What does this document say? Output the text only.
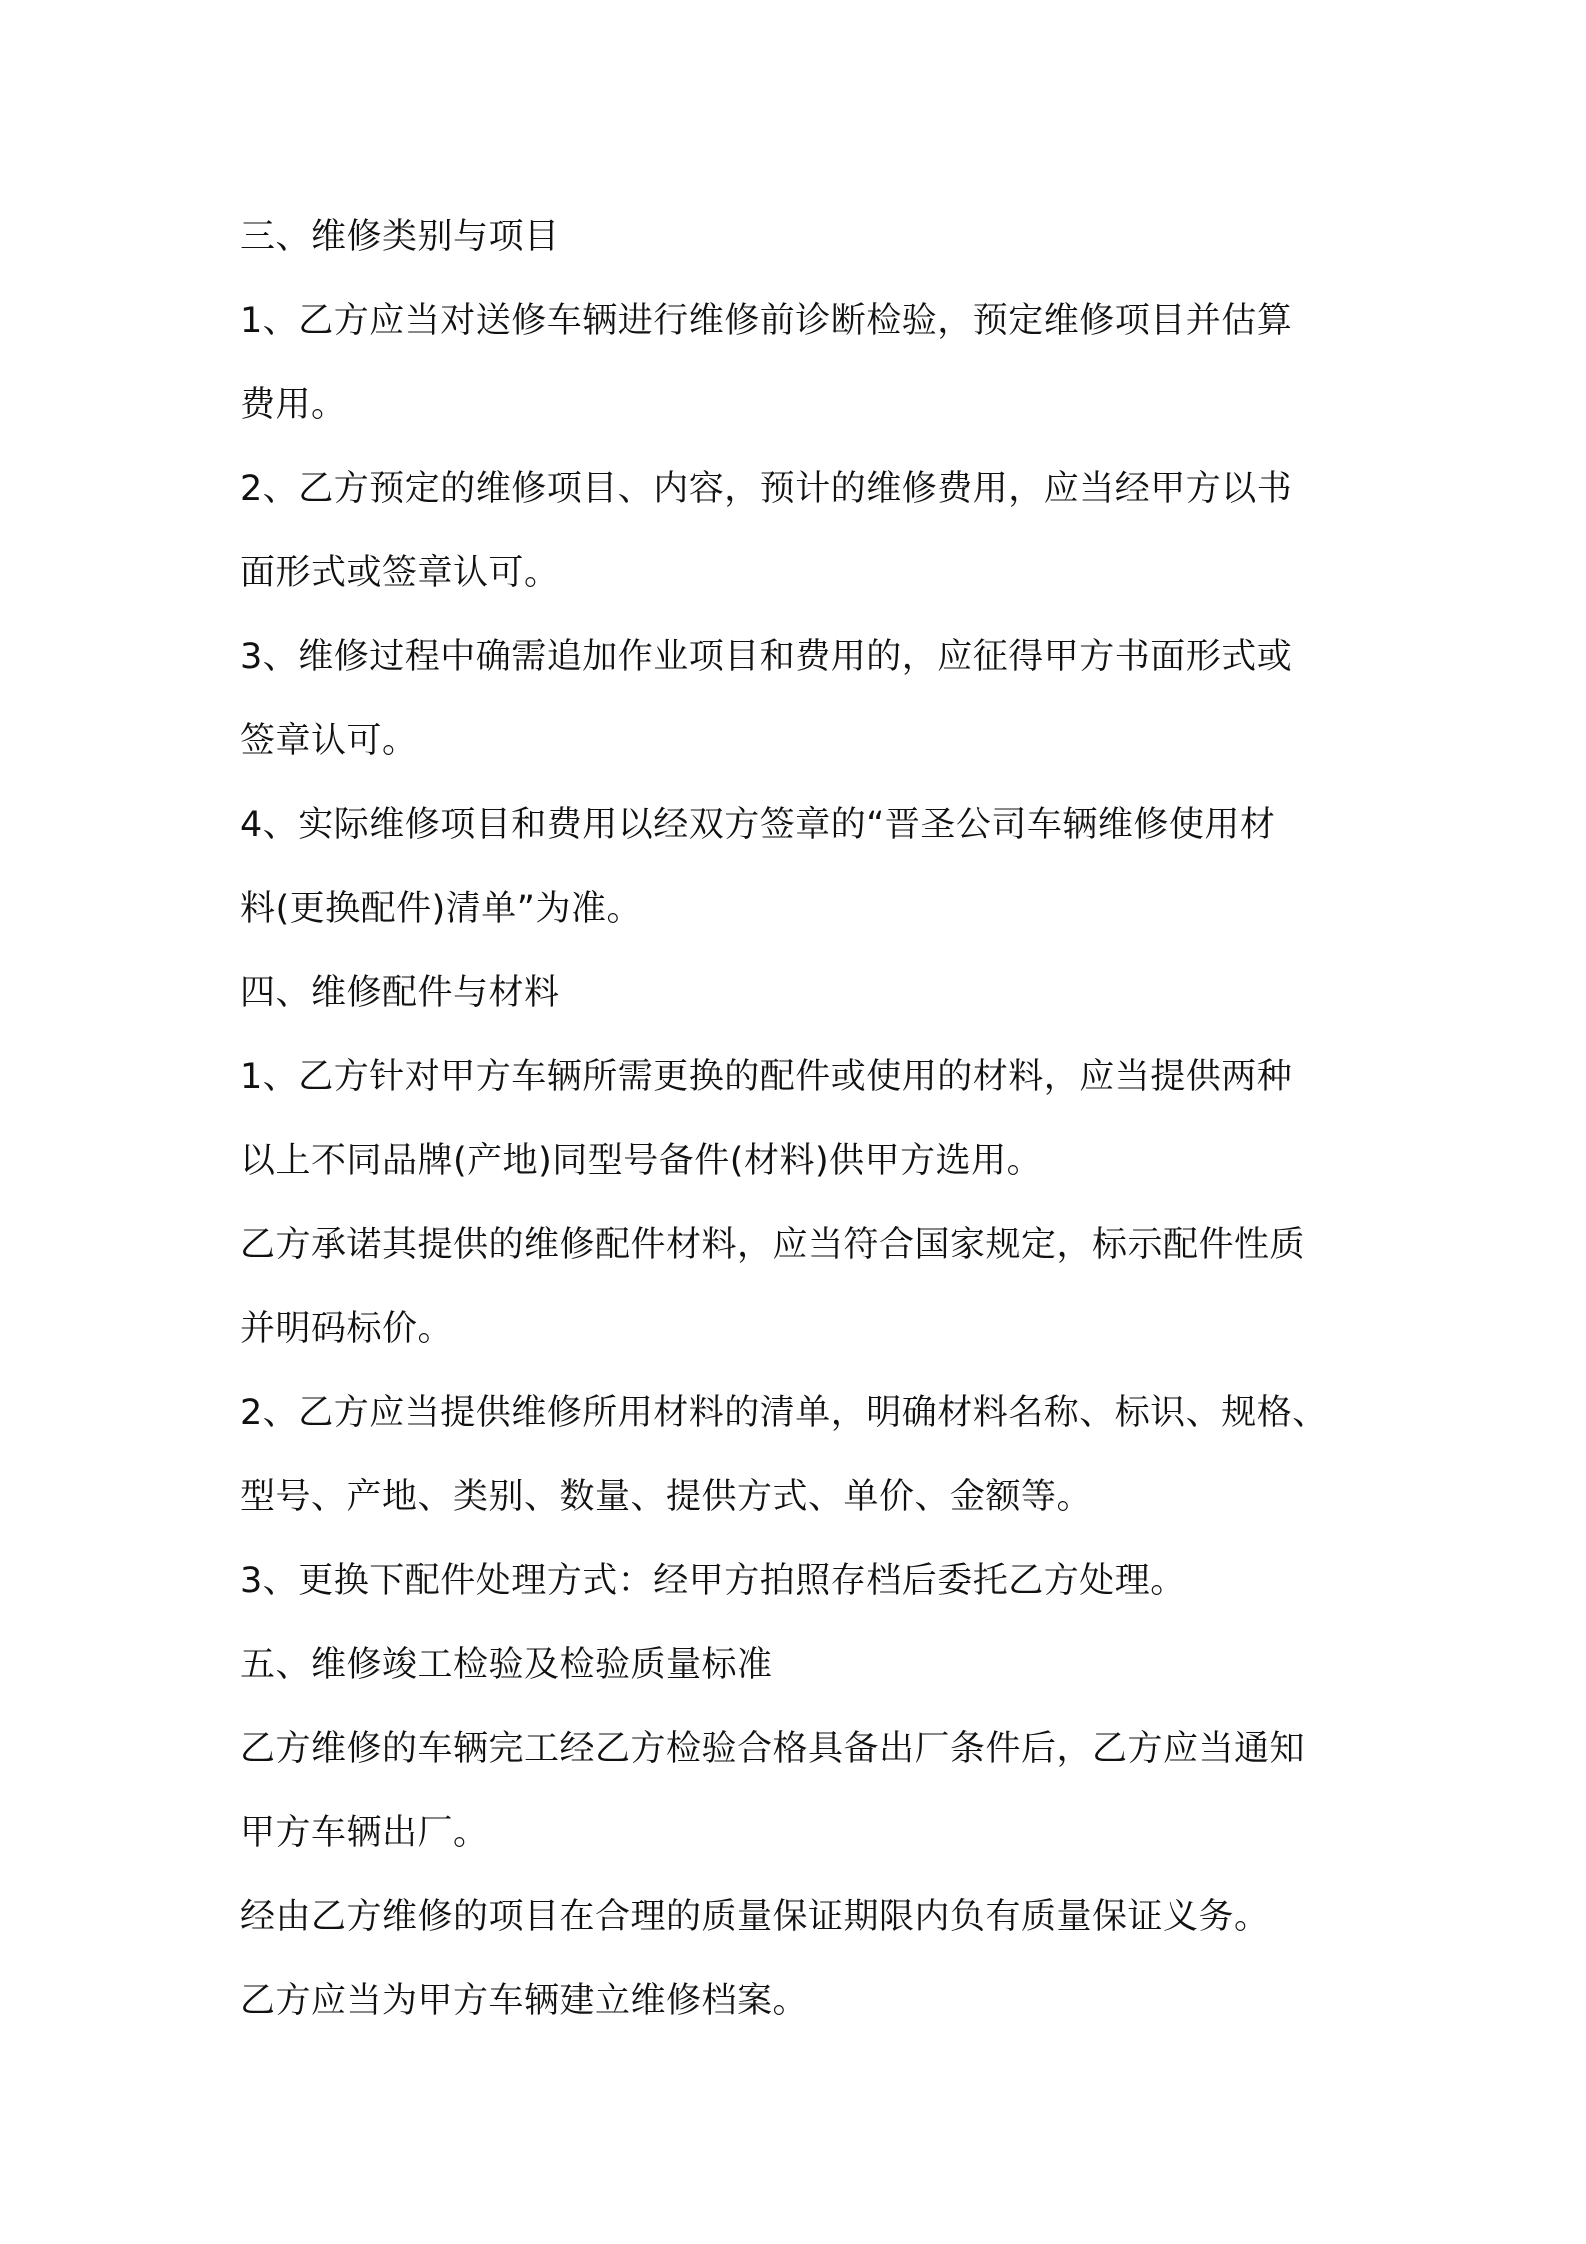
三、维修类别与项目
1、乙方应当对送修车辆进行维修前诊断检验，预定维修项目并估算
费用。
2、乙方预定的维修项目、内容，预计的维修费用，应当经甲方以书
面形式或签章认可。
3、维修过程中确需追加作业项目和费用的，应征得甲方书面形式或
签章认可。
4、实际维修项目和费用以经双方签章的“晋圣公司车辆维修使用材
料(更换配件)清单”为准。
四、维修配件与材料
1、乙方针对甲方车辆所需更换的配件或使用的材料，应当提供两种
以上不同品牌(产地)同型号备件(材料)供甲方选用。
乙方承诺其提供的维修配件材料，应当符合国家规定，标示配件性质
并明码标价。
2、乙方应当提供维修所用材料的清单，明确材料名称、标识、规格、
型号、产地、类别、数量、提供方式、单价、金额等。
3、更换下配件处理方式：经甲方拍照存档后委托乙方处理。
五、维修竣工检验及检验质量标准
乙方维修的车辆完工经乙方检验合格具备出厂条件后，乙方应当通知
甲方车辆出厂。
经由乙方维修的项目在合理的质量保证期限内负有质量保证义务。
乙方应当为甲方车辆建立维修档案。
